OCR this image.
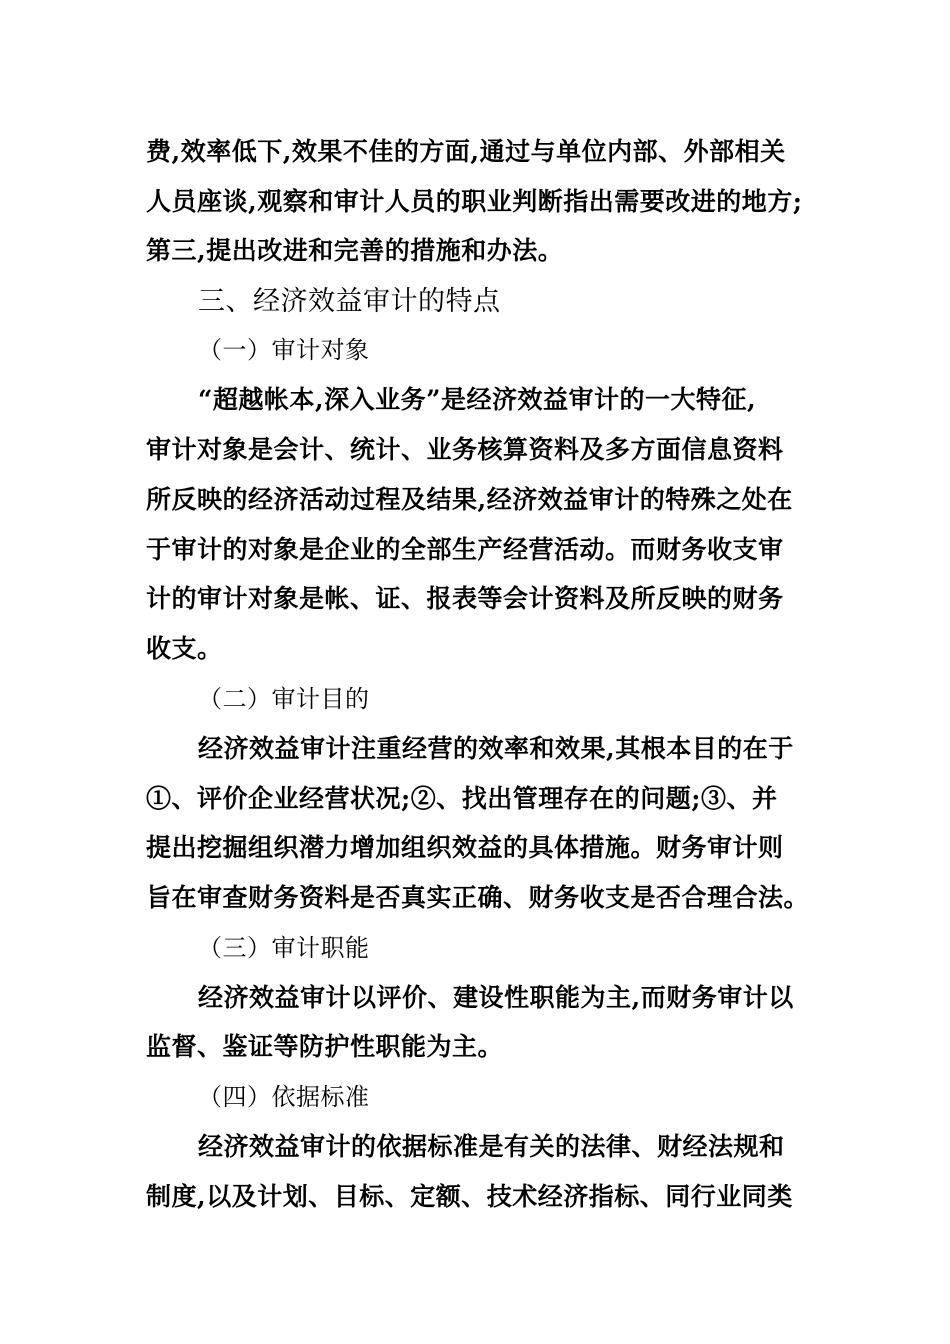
费,效率低下,效果不佳的方面,通过与单位内部、外部相关
人员座谈,观察和审计人员的职业判断指出需要改进的地方;
第三,提出改进和完善的措施和办法。
三、经济效益审计的特点
（一）审计对象
“超越帐本,深入业务”是经济效益审计的一大特征,
审计对象是会计、统计、业务核算资料及多方面信息资料
所反映的经济活动过程及结果,经济效益审计的特殊之处在
于审计的对象是企业的全部生产经营活动。而财务收支审
计的审计对象是帐、证、报表等会计资料及所反映的财务
收支。
（二）审计目的
经济效益审计注重经营的效率和效果,其根本目的在于
①、评价企业经营状况;②、找出管理存在的问题;③、并
提出挖掘组织潜力增加组织效益的具体措施。财务审计则
旨在审查财务资料是否真实正确、财务收支是否合理合法。
（三）审计职能
经济效益审计以评价、建设性职能为主,而财务审计以
监督、鉴证等防护性职能为主。
（四）依据标准
经济效益审计的依据标准是有关的法律、财经法规和
制度,以及计划、目标、定额、技术经济指标、同行业同类
